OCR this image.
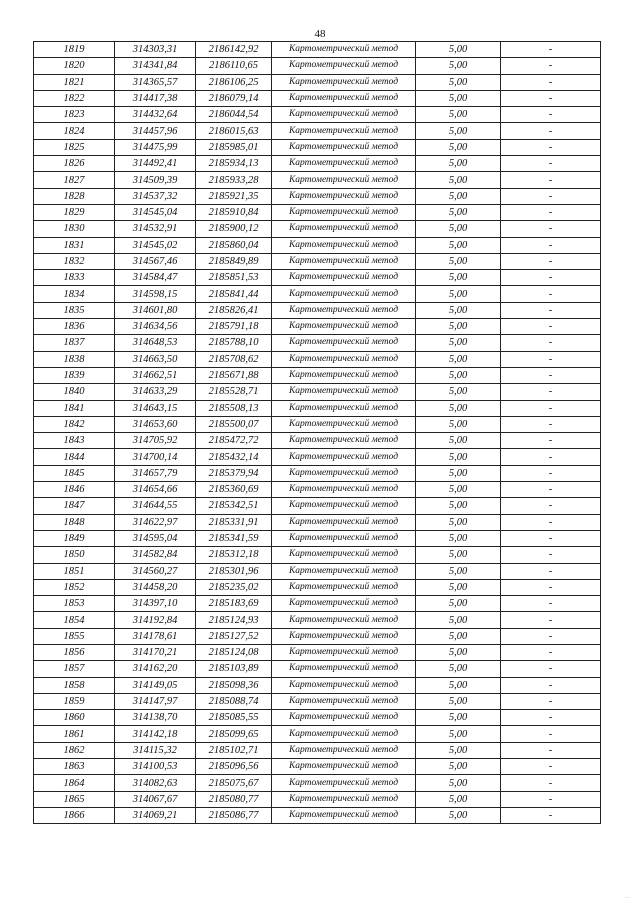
48
1819	314303,31	2186142,92	Картометрический метод	5,00	-
1820	314341,84	2186110,65	Картометрический метод	5,00	-
1821	314365,57	2186106,25	Картометрический метод	5,00	-
1822	314417,38	2186079,14	Картометрический метод	5,00	-
1823	314432,64	2186044,54	Картометрический метод	5,00	-
1824	314457,96	2186015,63	Картометрический метод	5,00	-
1825	314475,99	2185985,01	Картометрический метод	5,00	-
1826	314492,41	2185934,13	Картометрический метод	5,00	-
1827	314509,39	2185933,28	Картометрический метод	5,00	-
1828	314537,32	2185921,35	Картометрический метод	5,00	-
1829	314545,04	2185910,84	Картометрический метод	5,00	-
1830	314532,91	2185900,12	Картометрический метод	5,00	-
1831	314545,02	2185860,04	Картометрический метод	5,00	-
1832	314567,46	2185849,89	Картометрический метод	5,00	-
1833	314584,47	2185851,53	Картометрический метод	5,00	-
1834	314598,15	2185841,44	Картометрический метод	5,00	-
1835	314601,80	2185826,41	Картометрический метод	5,00	-
1836	314634,56	2185791,18	Картометрический метод	5,00	-
1837	314648,53	2185788,10	Картометрический метод	5,00	-
1838	314663,50	2185708,62	Картометрический метод	5,00	-
1839	314662,51	2185671,88	Картометрический метод	5,00	-
1840	314633,29	2185528,71	Картометрический метод	5,00	-
1841	314643,15	2185508,13	Картометрический метод	5,00	-
1842	314653,60	2185500,07	Картометрический метод	5,00	-
1843	314705,92	2185472,72	Картометрический метод	5,00	-
1844	314700,14	2185432,14	Картометрический метод	5,00	-
1845	314657,79	2185379,94	Картометрический метод	5,00	-
1846	314654,66	2185360,69	Картометрический метод	5,00	-
1847	314644,55	2185342,51	Картометрический метод	5,00	-
1848	314622,97	2185331,91	Картометрический метод	5,00	-
1849	314595,04	2185341,59	Картометрический метод	5,00	-
1850	314582,84	2185312,18	Картометрический метод	5,00	-
1851	314560,27	2185301,96	Картометрический метод	5,00	-
1852	314458,20	2185235,02	Картометрический метод	5,00	-
1853	314397,10	2185183,69	Картометрический метод	5,00	-
1854	314192,84	2185124,93	Картометрический метод	5,00	-
1855	314178,61	2185127,52	Картометрический метод	5,00	-
1856	314170,21	2185124,08	Картометрический метод	5,00	-
1857	314162,20	2185103,89	Картометрический метод	5,00	-
1858	314149,05	2185098,36	Картометрический метод	5,00	-
1859	314147,97	2185088,74	Картометрический метод	5,00	-
1860	314138,70	2185085,55	Картометрический метод	5,00	-
1861	314142,18	2185099,65	Картометрический метод	5,00	-
1862	314115,32	2185102,71	Картометрический метод	5,00	-
1863	314100,53	2185096,56	Картометрический метод	5,00	-
1864	314082,63	2185075,67	Картометрический метод	5,00	-
1865	314067,67	2185080,77	Картометрический метод	5,00	-
1866	314069,21	2185086,77	Картометрический метод	5,00	-
···
